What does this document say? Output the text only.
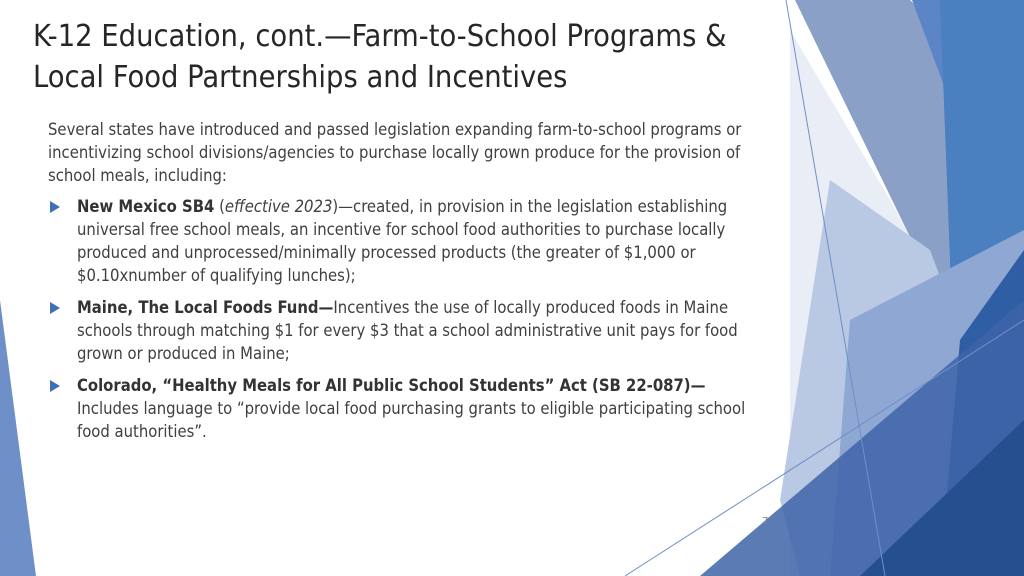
K-12 Education, cont.—Farm-to-School Programs & Local Food Partnerships and Incentives

Several states have introduced and passed legislation expanding farm-to-school programs or incentivizing school divisions/agencies to purchase locally grown produce for the provision of school meals, including:

New Mexico SB4 (effective 2023)—created, in provision in the legislation establishing universal free school meals, an incentive for school food authorities to purchase locally produced and unprocessed/minimally processed products (the greater of $1,000 or $0.10xnumber of qualifying lunches);
Maine, The Local Foods Fund—Incentives the use of locally produced foods in Maine schools through matching $1 for every $3 that a school administrative unit pays for food grown or produced in Maine;
Colorado, “Healthy Meals for All Public School Students” Act (SB 22-087)—Includes language to “provide local food purchasing grants to eligible participating school food authorities”.
7
